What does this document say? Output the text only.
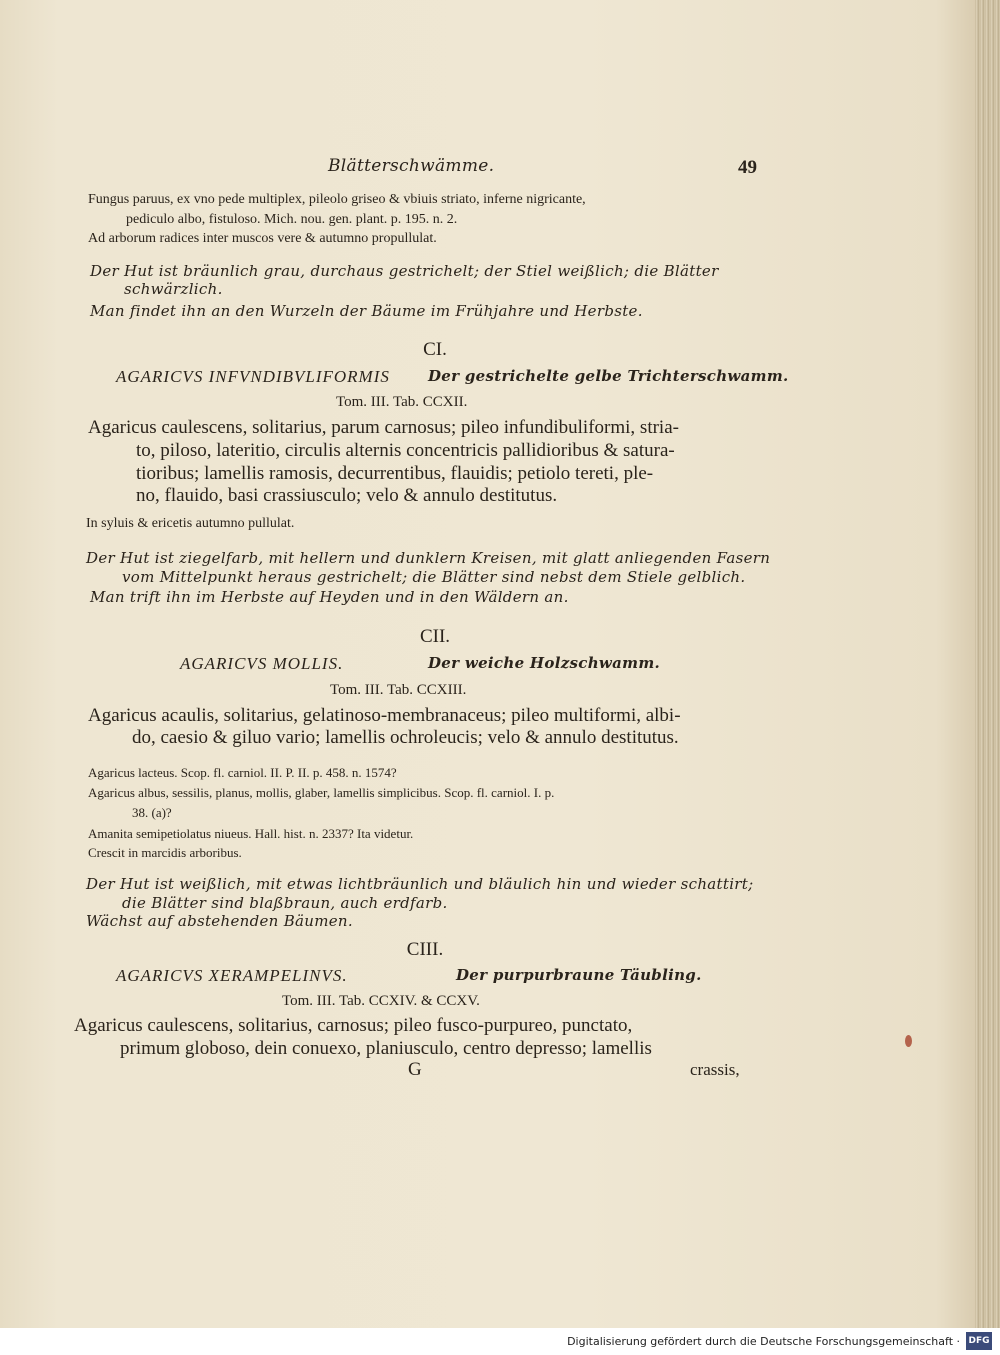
Blätterschwämme.	49
Fungus paruus, ex vno pede multiplex, pileolo griseo & vbiuis striato, inferne nigricante,
pediculo albo, fistuloso. Mich. nou. gen. plant. p. 195. n. 2.
Ad arborum radices inter muscos vere & autumno propullulat.
Der Hut ist bräunlich grau, durchaus gestrichelt; der Stiel weißlich; die Blätter
schwärzlich.
Man findet ihn an den Wurzeln der Bäume im Frühjahre und Herbste.
CI.
AGARICVS INFVNDIBVLIFORMIS	Der gestrichelte gelbe Trichterschwamm.
Tom. III. Tab. CCXII.
Agaricus caulescens, solitarius, parum carnosus; pileo infundibuliformi, stria-
to, piloso, lateritio, circulis alternis concentricis pallidioribus & satura-
tioribus; lamellis ramosis, decurrentibus, flauidis; petiolo tereti, ple-
no, flauido, basi crassiusculo; velo & annulo destitutus.
In syluis & ericetis autumno pullulat.
Der Hut ist ziegelfarb, mit hellern und dunklern Kreisen, mit glatt anliegenden Fasern
vom Mittelpunkt heraus gestrichelt; die Blätter sind nebst dem Stiele gelblich.
Man trift ihn im Herbste auf Heyden und in den Wäldern an.
CII.
AGARICVS MOLLIS.	Der weiche Holzschwamm.
Tom. III. Tab. CCXIII.
Agaricus acaulis, solitarius, gelatinoso-membranaceus; pileo multiformi, albi-
do, caesio & giluo vario; lamellis ochroleucis; velo & annulo destitutus.
Agaricus lacteus. Scop. fl. carniol. II. P. II. p. 458. n. 1574?
Agaricus albus, sessilis, planus, mollis, glaber, lamellis simplicibus. Scop. fl. carniol. I. p.
38. (a)?
Amanita semipetiolatus niueus. Hall. hist. n. 2337? Ita videtur.
Crescit in marcidis arboribus.
Der Hut ist weißlich, mit etwas lichtbräunlich und bläulich hin und wieder schattirt;
die Blätter sind blaßbraun, auch erdfarb.
Wächst auf abstehenden Bäumen.
CIII.
AGARICVS XERAMPELINVS.	Der purpurbraune Täubling.
Tom. III. Tab. CCXIV. & CCXV.
Agaricus caulescens, solitarius, carnosus; pileo fusco-purpureo, punctato,
primum globoso, dein conuexo, planiusculo, centro depresso; lamellis
G	crassis,
Digitalisierung gefördert durch die Deutsche Forschungsgemeinschaft · DFG
